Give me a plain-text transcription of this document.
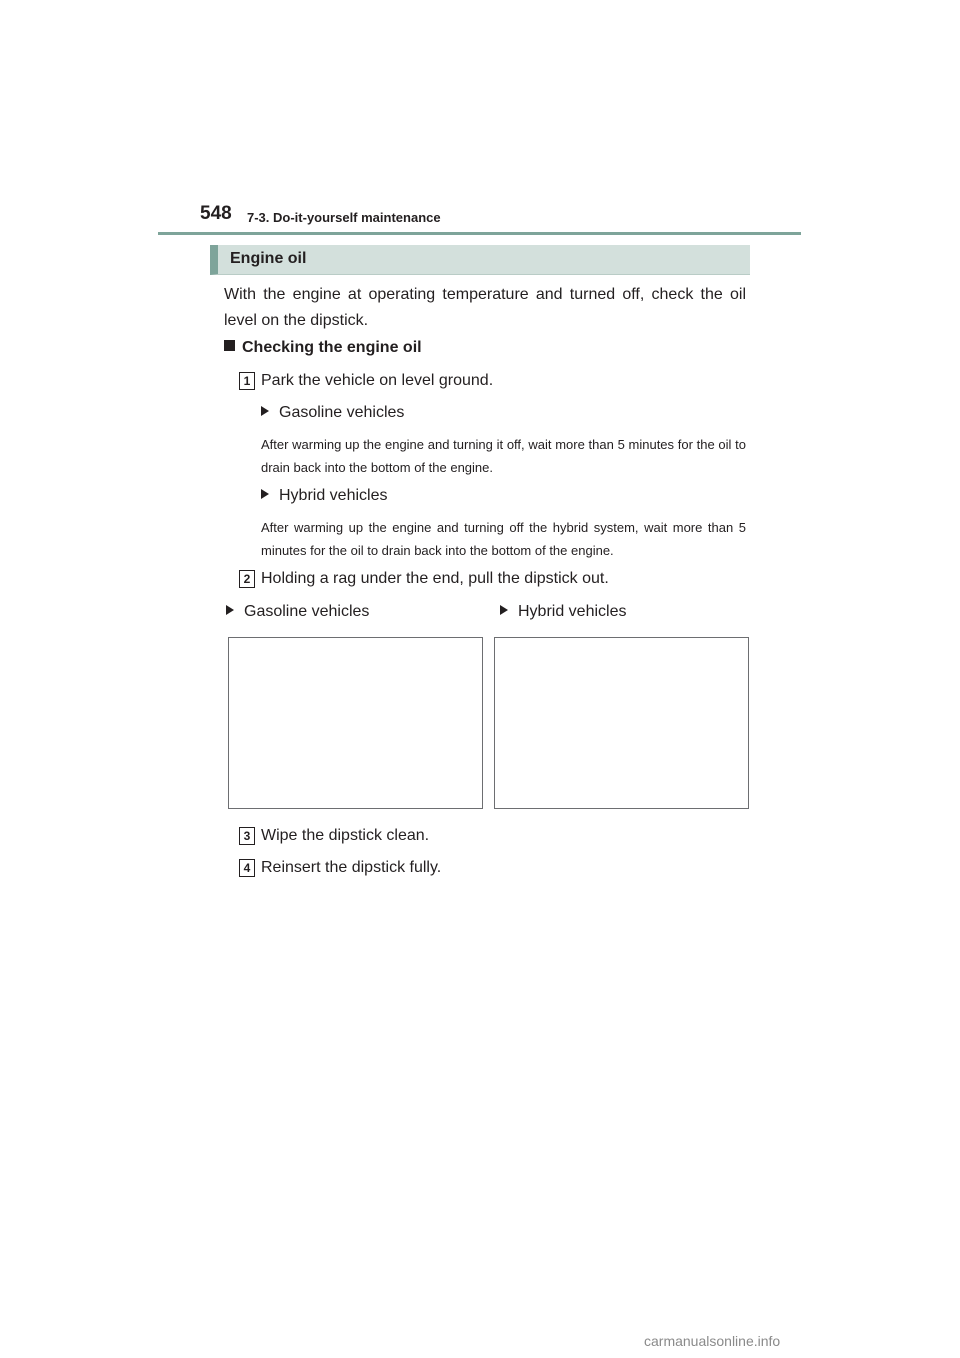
548 7-3. Do-it-yourself maintenance
Engine oil
With the engine at operating temperature and turned off, check the oil level on the dipstick.
Checking the engine oil
1 Park the vehicle on level ground.
Gasoline vehicles
After warming up the engine and turning it off, wait more than 5 minutes for the oil to drain back into the bottom of the engine.
Hybrid vehicles
After warming up the engine and turning off the hybrid system, wait more than 5 minutes for the oil to drain back into the bottom of the engine.
2 Holding a rag under the end, pull the dipstick out.
Gasoline vehicles	Hybrid vehicles
3 Wipe the dipstick clean.
4 Reinsert the dipstick fully.
carmanualsonline.info
